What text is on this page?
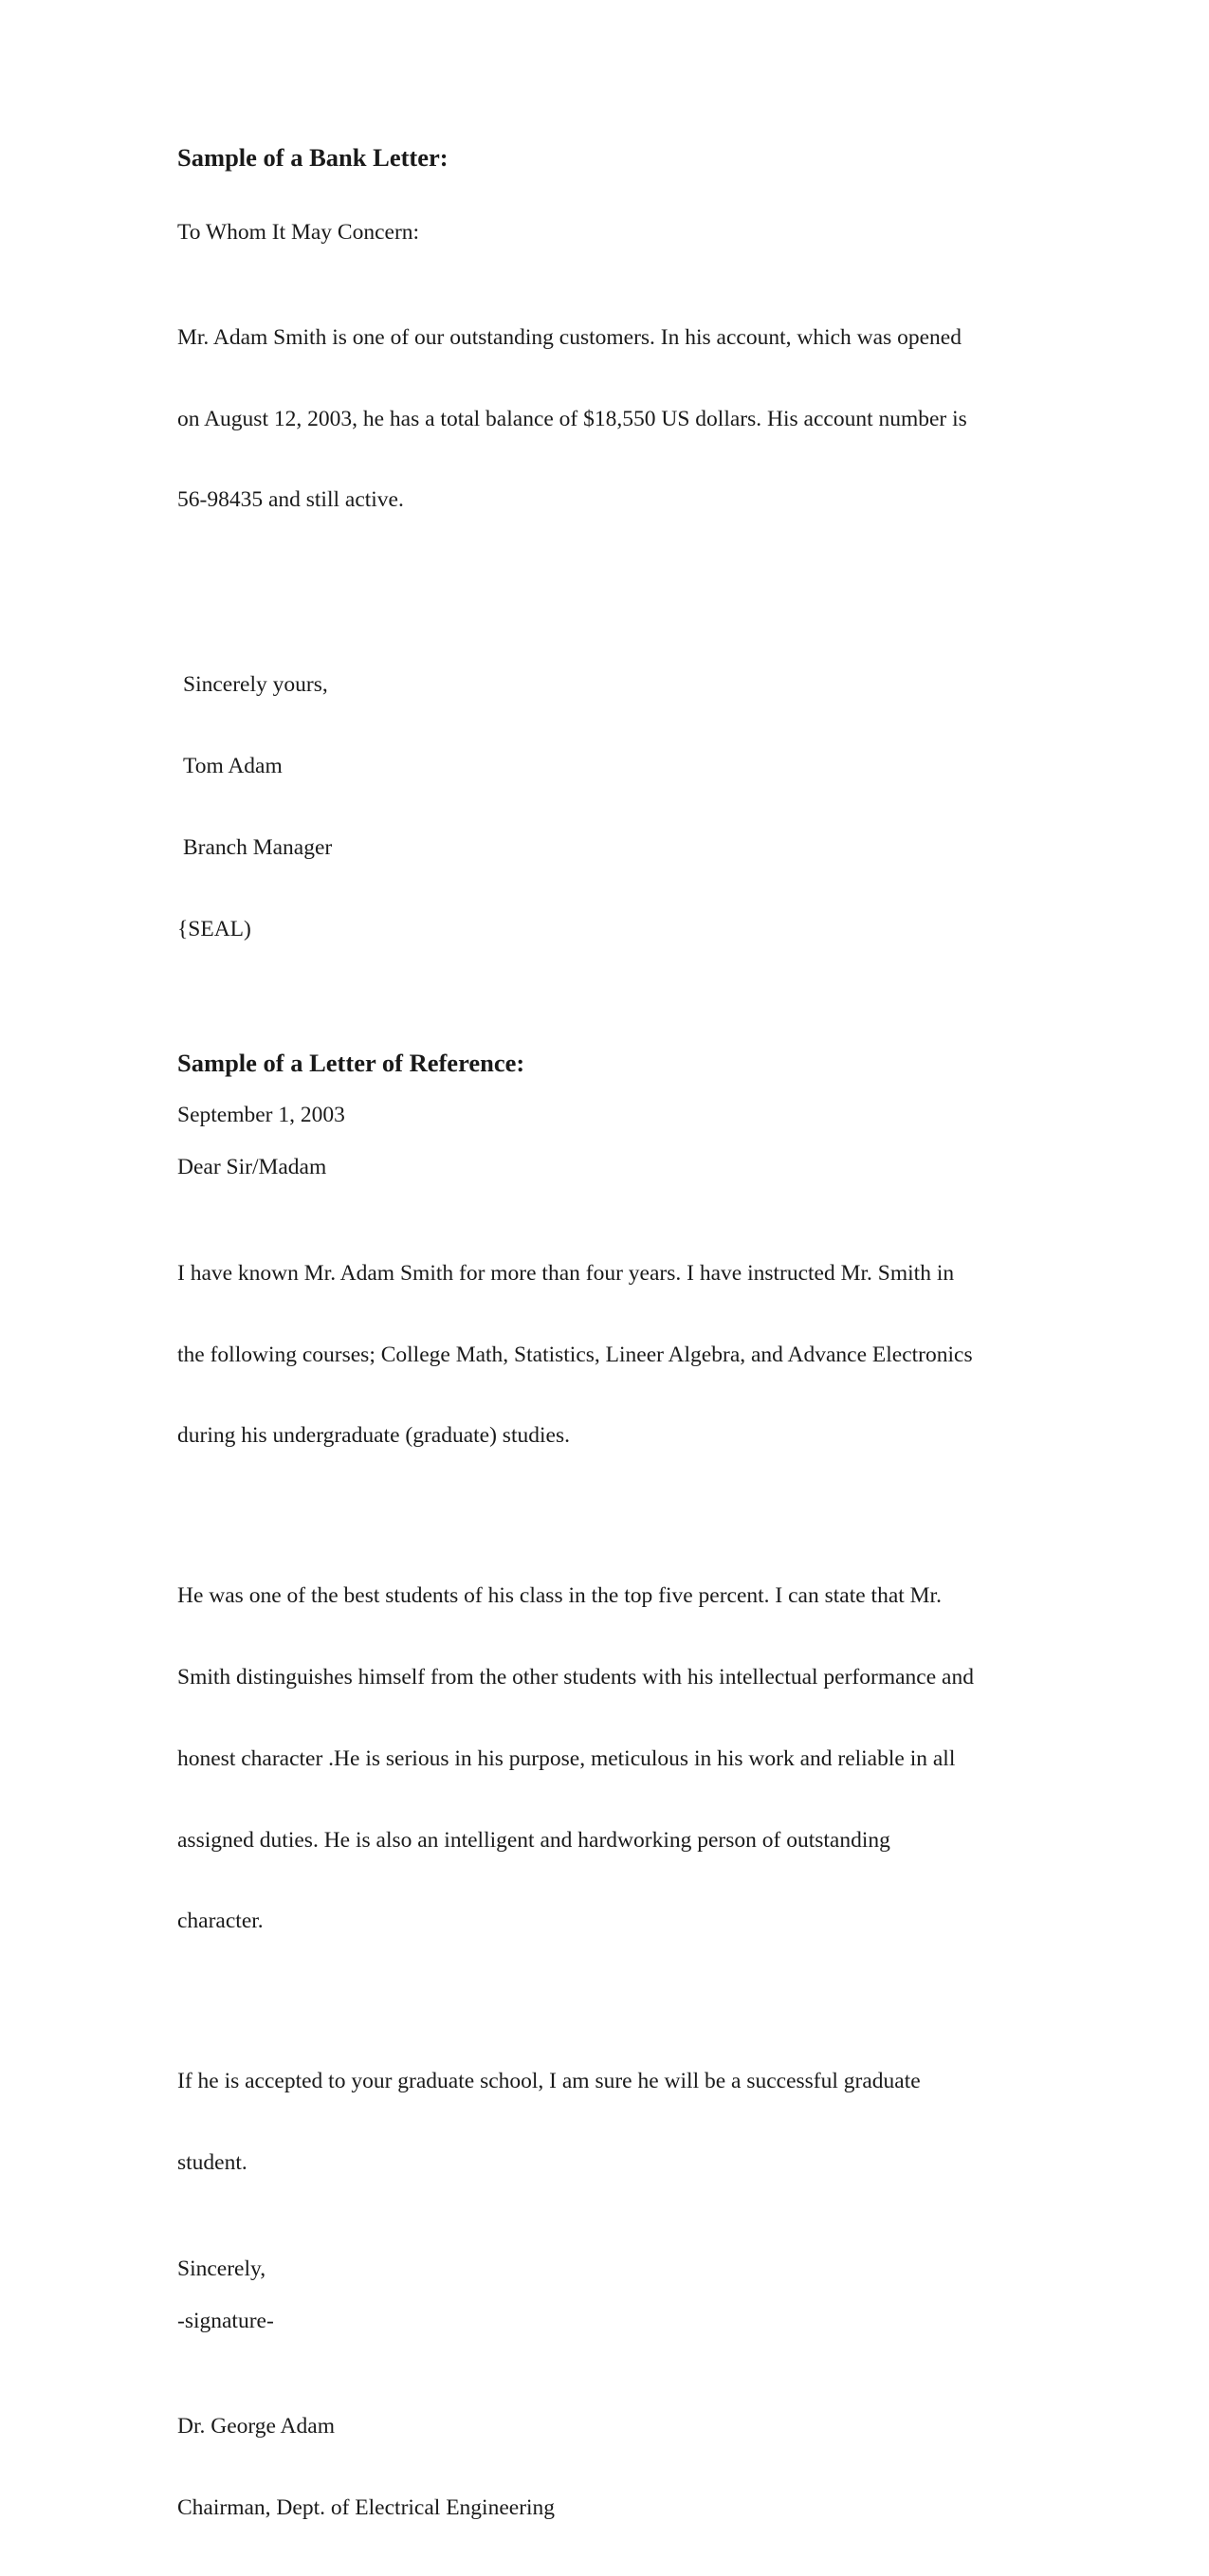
Sample of a Bank Letter:

To Whom It May Concern:

Mr. Adam Smith is one of our outstanding customers. In his account, which was opened

on August 12, 2003, he has a total balance of $18,550 US dollars. His account number is

56-98435 and still active.

Sincerely yours,

Tom Adam

Branch Manager

{SEAL)

Sample of a Letter of Reference:

September 1, 2003

Dear Sir/Madam

I have known Mr. Adam Smith for more than four years. I have instructed Mr. Smith in

the following courses; College Math, Statistics, Lineer Algebra, and Advance Electronics

during his undergraduate (graduate) studies.

He was one of the best students of his class in the top five percent. I can state that Mr.

Smith distinguishes himself from the other students with his intellectual performance and

honest character .He is serious in his purpose, meticulous in his work and reliable in all

assigned duties. He is also an intelligent and hardworking person of outstanding

character.

If he is accepted to your graduate school, I am sure he will be a successful graduate

student.

Sincerely,

-signature-

Dr. George Adam

Chairman, Dept. of Electrical Engineering
